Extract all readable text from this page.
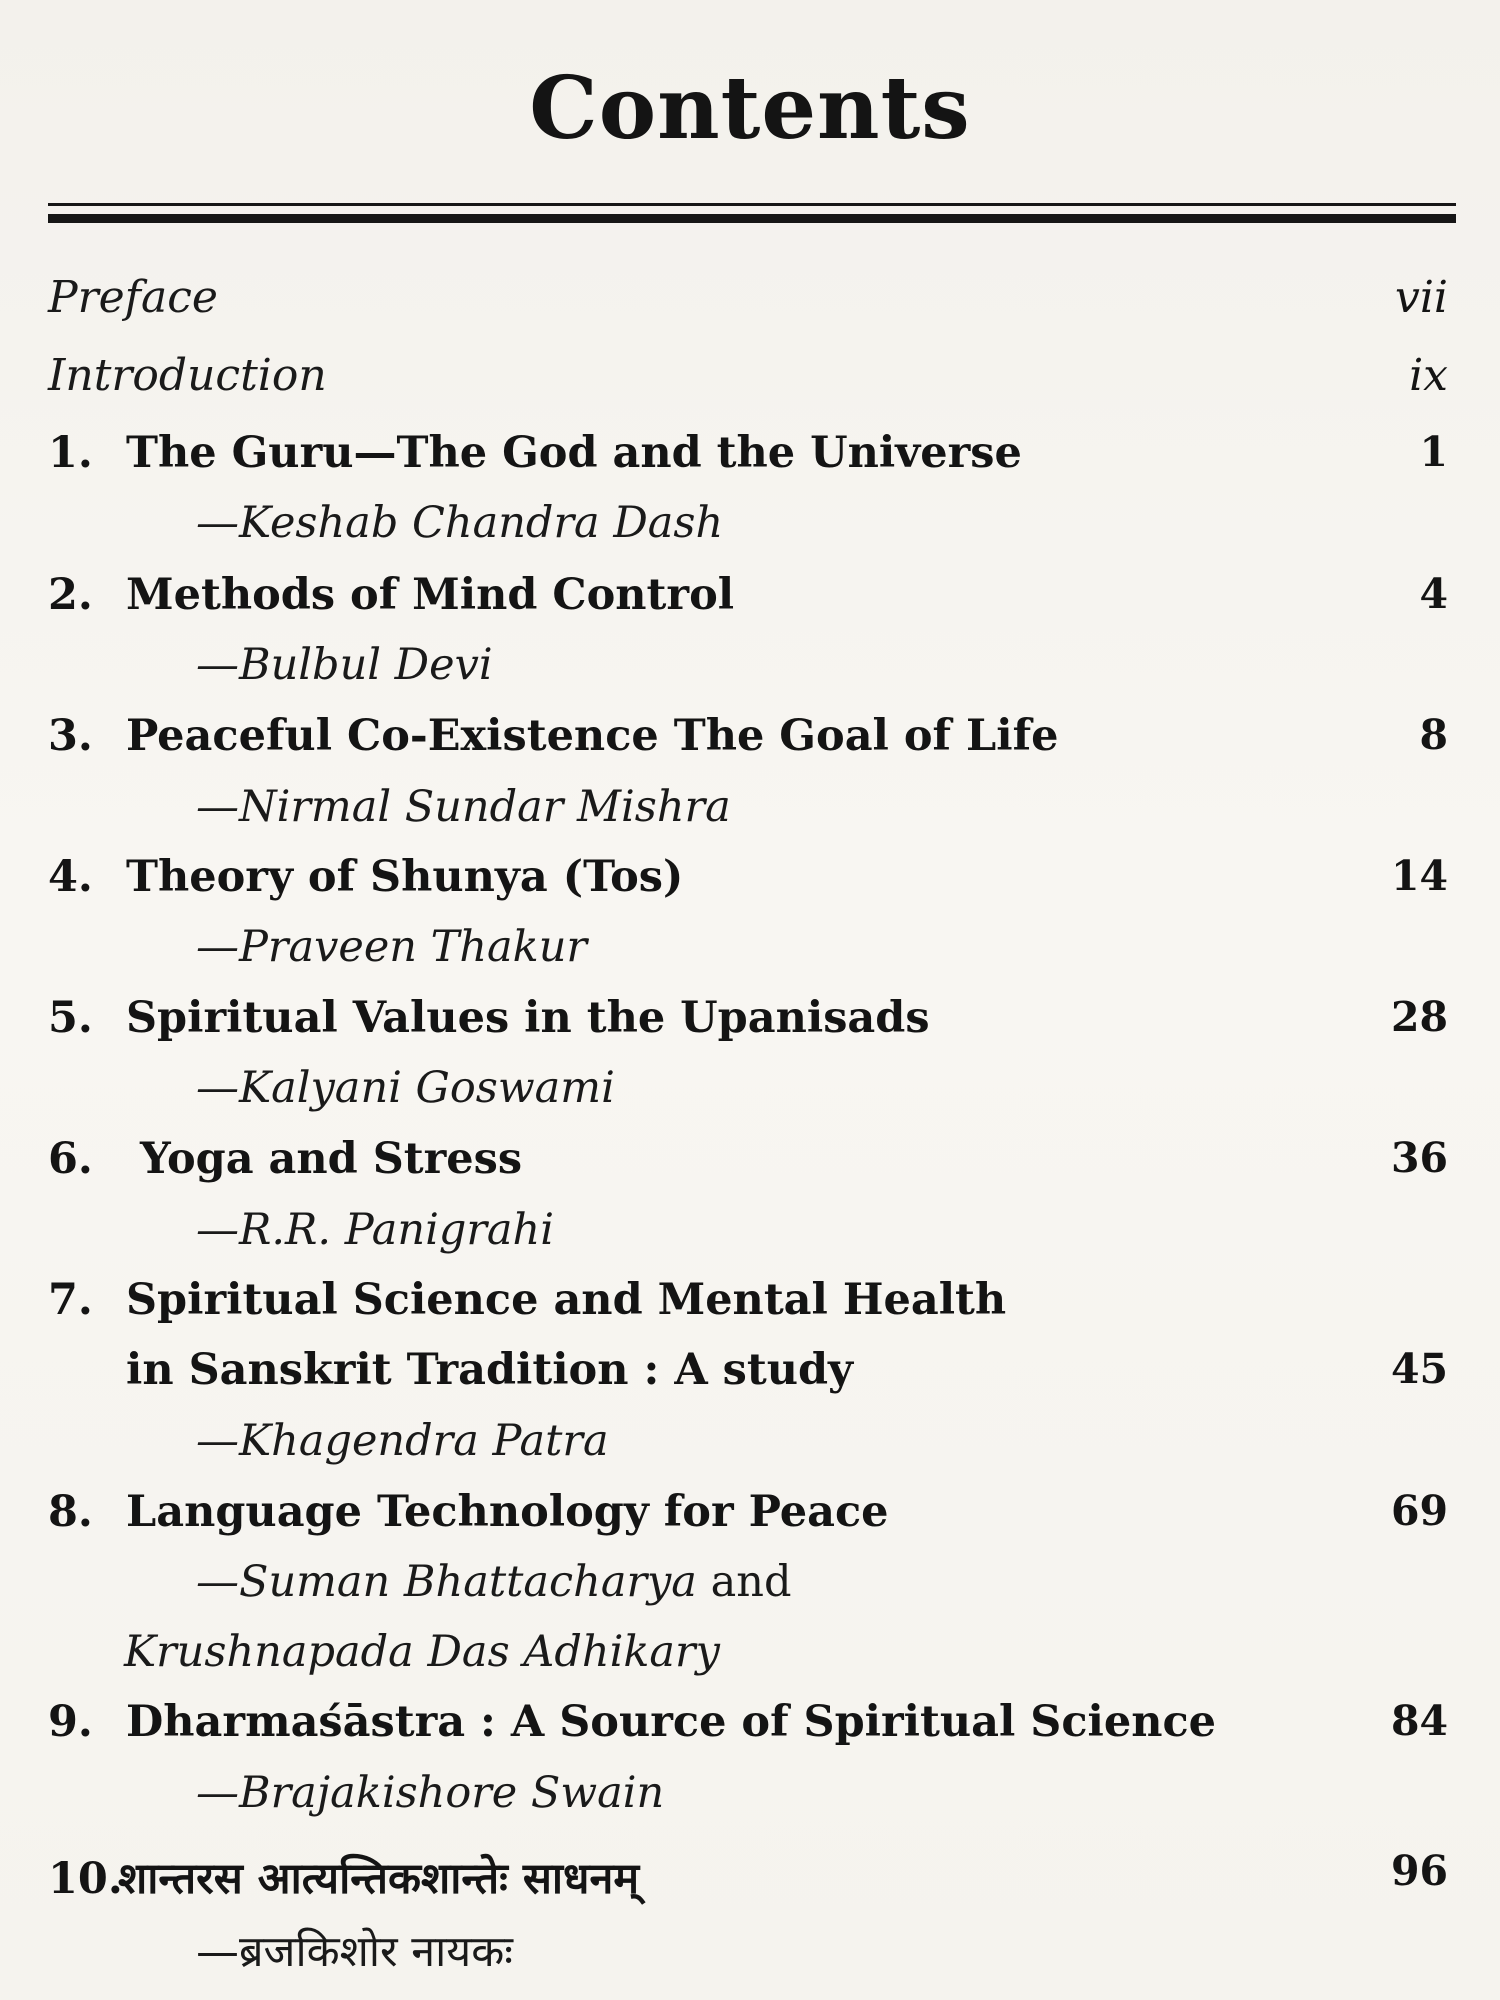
Contents
Preface	vii
Introduction	ix
1. The Guru—The God and the Universe	1
—Keshab Chandra Dash
2. Methods of Mind Control	4
—Bulbul Devi
3. Peaceful Co-Existence The Goal of Life	8
—Nirmal Sundar Mishra
4. Theory of Shunya (Tos)	14
—Praveen Thakur
5. Spiritual Values in the Upanisads	28
—Kalyani Goswami
6. Yoga and Stress	36
—R.R. Panigrahi
7. Spiritual Science and Mental Health
in Sanskrit Tradition : A study	45
—Khagendra Patra
8. Language Technology for Peace	69
—Suman Bhattacharya and
Krushnapada Das Adhikary
9. Dharmaśāstra : A Source of Spiritual Science	84
—Brajakishore Swain
10.शान्तरस आत्यन्तिकशान्तेः साधनम्	96
—ब्रजकिशोर नायकः
